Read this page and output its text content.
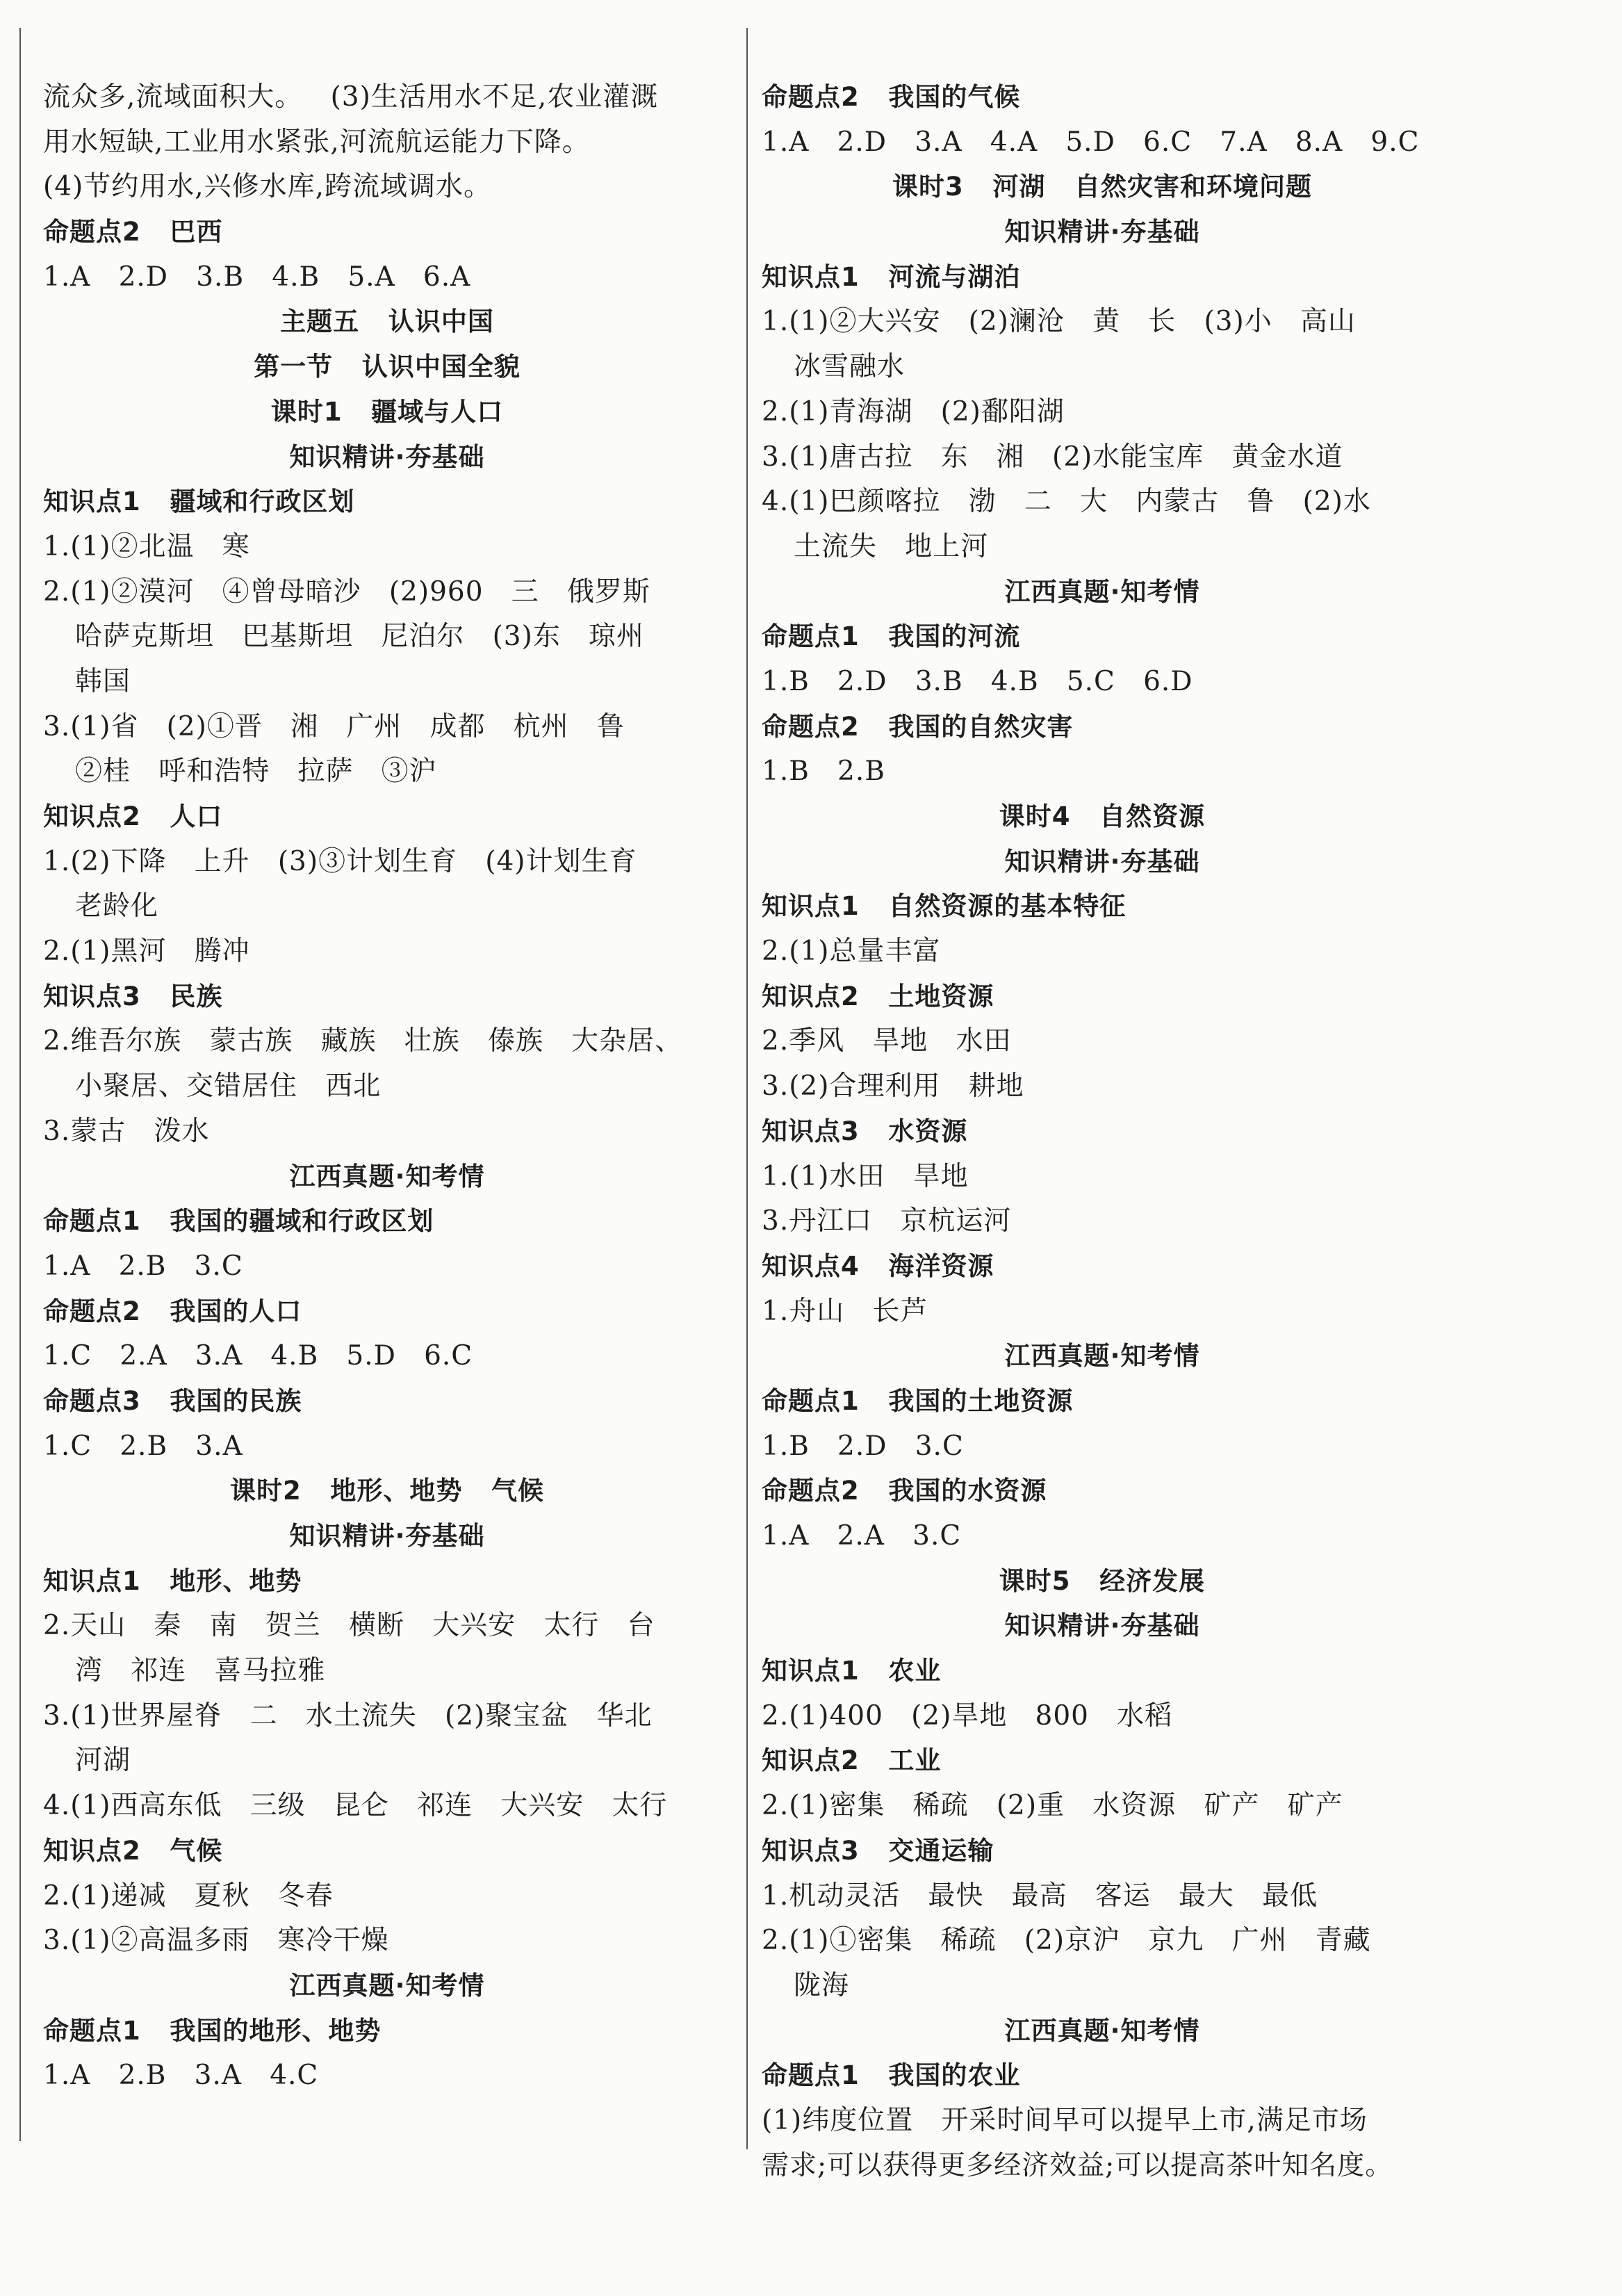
流众多,流域面积大。   (3)生活用水不足,农业灌溉
用水短缺,工业用水紧张,河流航运能力下降。
(4)节约用水,兴修水库,跨流域调水。
命题点2   巴西
1.A   2.D   3.B   4.B   5.A   6.A
主题五   认识中国
第一节   认识中国全貌
课时1   疆域与人口
知识精讲·夯基础
知识点1   疆域和行政区划
1.(1)②北温   寒
2.(1)②漠河   ④曾母暗沙   (2)960   三   俄罗斯
哈萨克斯坦   巴基斯坦   尼泊尔   (3)东   琼州
韩国
3.(1)省   (2)①晋   湘   广州   成都   杭州   鲁
②桂   呼和浩特   拉萨   ③沪
知识点2   人口
1.(2)下降   上升   (3)③计划生育   (4)计划生育
老龄化
2.(1)黑河   腾冲
知识点3   民族
2.维吾尔族   蒙古族   藏族   壮族   傣族   大杂居、
小聚居、交错居住   西北
3.蒙古   泼水
江西真题·知考情
命题点1   我国的疆域和行政区划
1.A   2.B   3.C
命题点2   我国的人口
1.C   2.A   3.A   4.B   5.D   6.C
命题点3   我国的民族
1.C   2.B   3.A
课时2   地形、地势   气候
知识精讲·夯基础
知识点1   地形、地势
2.天山   秦   南   贺兰   横断   大兴安   太行   台
湾   祁连   喜马拉雅
3.(1)世界屋脊   二   水土流失   (2)聚宝盆   华北
河湖
4.(1)西高东低   三级   昆仑   祁连   大兴安   太行
知识点2   气候
2.(1)递减   夏秋   冬春
3.(1)②高温多雨   寒冷干燥
江西真题·知考情
命题点1   我国的地形、地势
1.A   2.B   3.A   4.C
命题点2   我国的气候
1.A   2.D   3.A   4.A   5.D   6.C   7.A   8.A   9.C
课时3   河湖   自然灾害和环境问题
知识精讲·夯基础
知识点1   河流与湖泊
1.(1)②大兴安   (2)澜沧   黄   长   (3)小   高山
冰雪融水
2.(1)青海湖   (2)鄱阳湖
3.(1)唐古拉   东   湘   (2)水能宝库   黄金水道
4.(1)巴颜喀拉   渤   二   大   内蒙古   鲁   (2)水
土流失   地上河
江西真题·知考情
命题点1   我国的河流
1.B   2.D   3.B   4.B   5.C   6.D
命题点2   我国的自然灾害
1.B   2.B
课时4   自然资源
知识精讲·夯基础
知识点1   自然资源的基本特征
2.(1)总量丰富
知识点2   土地资源
2.季风   旱地   水田
3.(2)合理利用   耕地
知识点3   水资源
1.(1)水田   旱地
3.丹江口   京杭运河
知识点4   海洋资源
1.舟山   长芦
江西真题·知考情
命题点1   我国的土地资源
1.B   2.D   3.C
命题点2   我国的水资源
1.A   2.A   3.C
课时5   经济发展
知识精讲·夯基础
知识点1   农业
2.(1)400   (2)旱地   800   水稻
知识点2   工业
2.(1)密集   稀疏   (2)重   水资源   矿产   矿产
知识点3   交通运输
1.机动灵活   最快   最高   客运   最大   最低
2.(1)①密集   稀疏   (2)京沪   京九   广州   青藏
陇海
江西真题·知考情
命题点1   我国的农业
(1)纬度位置   开采时间早可以提早上市,满足市场
需求;可以获得更多经济效益;可以提高茶叶知名度。
